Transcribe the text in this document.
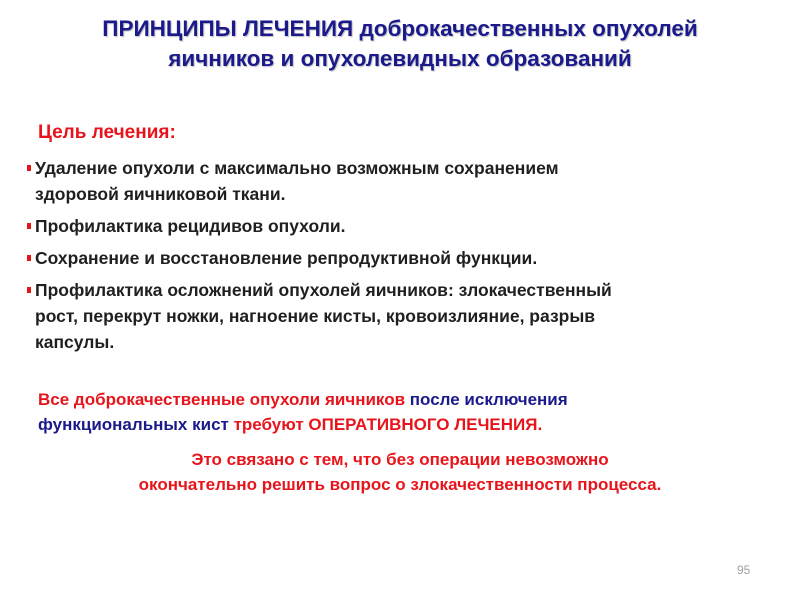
ПРИНЦИПЫ ЛЕЧЕНИЯ доброкачественных опухолей
яичников и опухолевидных образований
Цель лечения:
Удаление опухоли с максимально возможным сохранением
здоровой яичниковой ткани.
Профилактика рецидивов опухоли.
Сохранение и восстановление репродуктивной функции.
Профилактика осложнений опухолей яичников: злокачественный
рост, перекрут ножки, нагноение кисты, кровоизлияние, разрыв
капсулы.
Все доброкачественные опухоли яичников после исключения
функциональных кист требуют ОПЕРАТИВНОГО ЛЕЧЕНИЯ.
Это связано с тем, что без операции невозможно
окончательно решить вопрос о злокачественности процесса.
95
